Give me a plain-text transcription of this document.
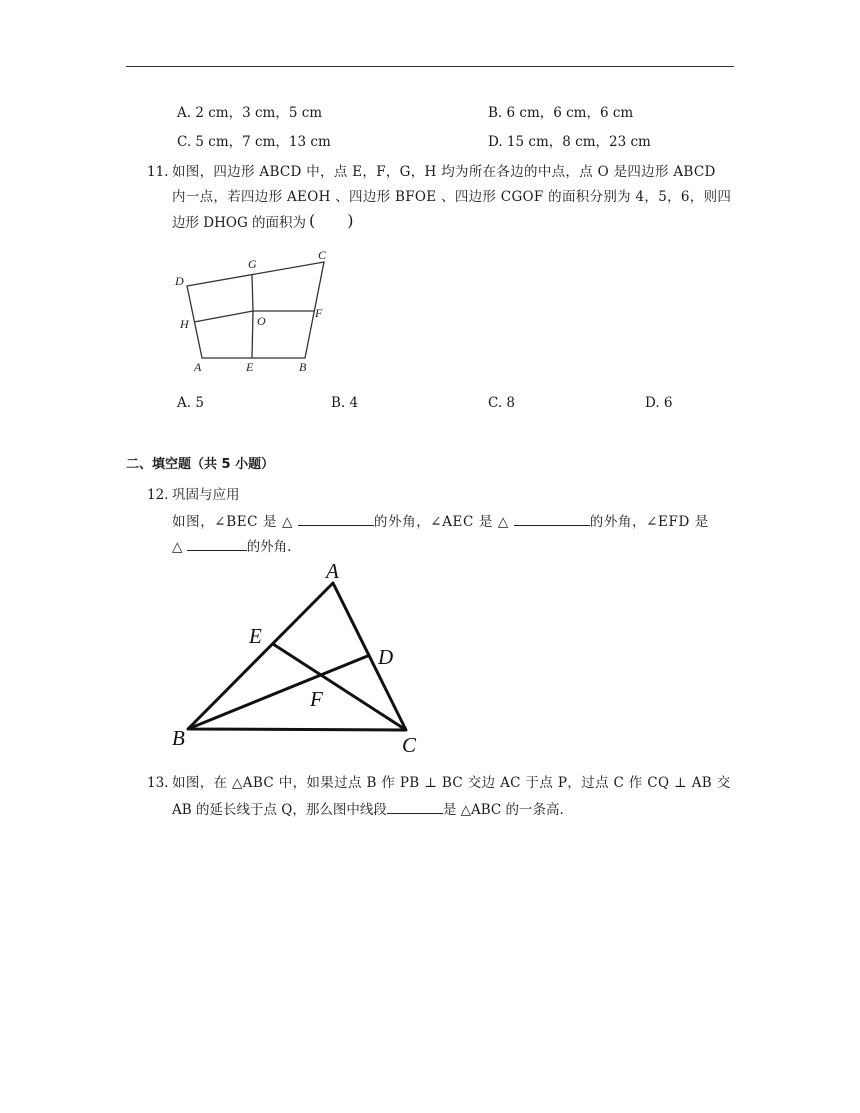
A. 2 cm，3 cm，5 cm	B. 6 cm，6 cm，6 cm
C. 5 cm，7 cm，13 cm	D. 15 cm，8 cm，23 cm
11. 如图，四边形 ABCD 中，点 E，F，G，H 均为所在各边的中点，点 O 是四边形 ABCD
内一点，若四边形 AEOH 、四边形 BFOE 、四边形 CGOF 的面积分别为 4，5，6，则四
边形 DHOG 的面积为 (　　)
A	B
C
D
E
F
G
H	O
A. 5	B. 4	C. 8	D. 6
二、填空题（共 5 小题）
12. 巩固与应用
如图，∠BEC 是 △	的外角，∠AEC 是 △	的外角，∠EFD 是
△	的外角.
A
B	C
D
E
F
13. 如图，在 △ABC 中，如果过点 B 作 PB ⊥ BC 交边 AC 于点 P，过点 C 作 CQ ⊥ AB 交
AB 的延长线于点 Q，那么图中线段	是 △ABC 的一条高.
